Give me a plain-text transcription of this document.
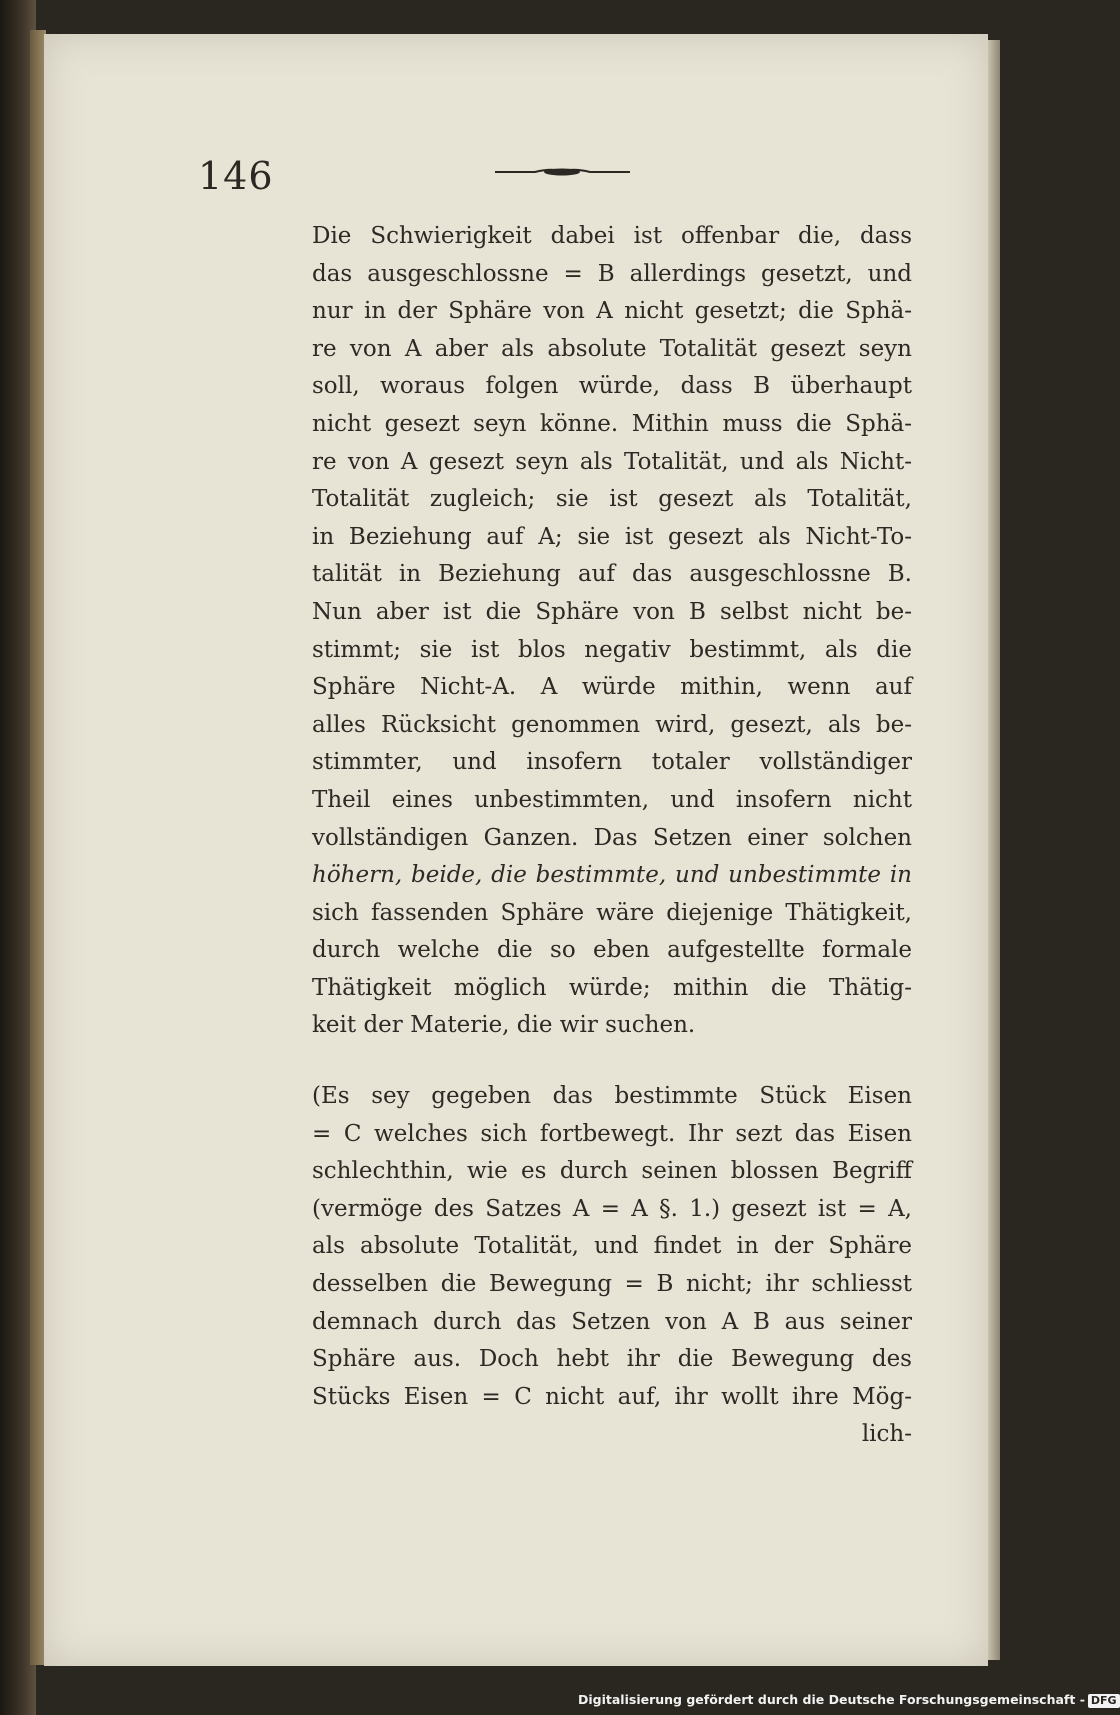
146
Die Schwierigkeit dabei ist offenbar die, dass
das ausgeschlossne = B allerdings gesetzt, und
nur in der Sphäre von A nicht gesetzt; die Sphä-
re von A aber als absolute Totalität gesezt seyn
soll, woraus folgen würde, dass B überhaupt
nicht gesezt seyn könne. Mithin muss die Sphä-
re von A gesezt seyn als Totalität, und als Nicht-
Totalität zugleich; sie ist gesezt als Totalität,
in Beziehung auf A; sie ist gesezt als Nicht-To-
talität in Beziehung auf das ausgeschlossne B.
Nun aber ist die Sphäre von B selbst nicht be-
stimmt; sie ist blos negativ bestimmt, als die
Sphäre Nicht-A. A würde mithin, wenn auf
alles Rücksicht genommen wird, gesezt, als be-
stimmter, und insofern totaler vollständiger
Theil eines unbestimmten, und insofern nicht
vollständigen Ganzen. Das Setzen einer solchen
höhern, beide, die bestimmte, und unbestimmte in
sich fassenden Sphäre wäre diejenige Thätigkeit,
durch welche die so eben aufgestellte formale
Thätigkeit möglich würde; mithin die Thätig-
keit der Materie, die wir suchen.
(Es sey gegeben das bestimmte Stück Eisen
= C welches sich fortbewegt. Ihr sezt das Eisen
schlechthin, wie es durch seinen blossen Begriff
(vermöge des Satzes A = A §. 1.) gesezt ist = A,
als absolute Totalität, und findet in der Sphäre
desselben die Bewegung = B nicht; ihr schliesst
demnach durch das Setzen von A B aus seiner
Sphäre aus. Doch hebt ihr die Bewegung des
Stücks Eisen = C nicht auf, ihr wollt ihre Mög-
lich-
Digitalisierung gefördert durch die Deutsche Forschungsgemeinschaft - DFG
